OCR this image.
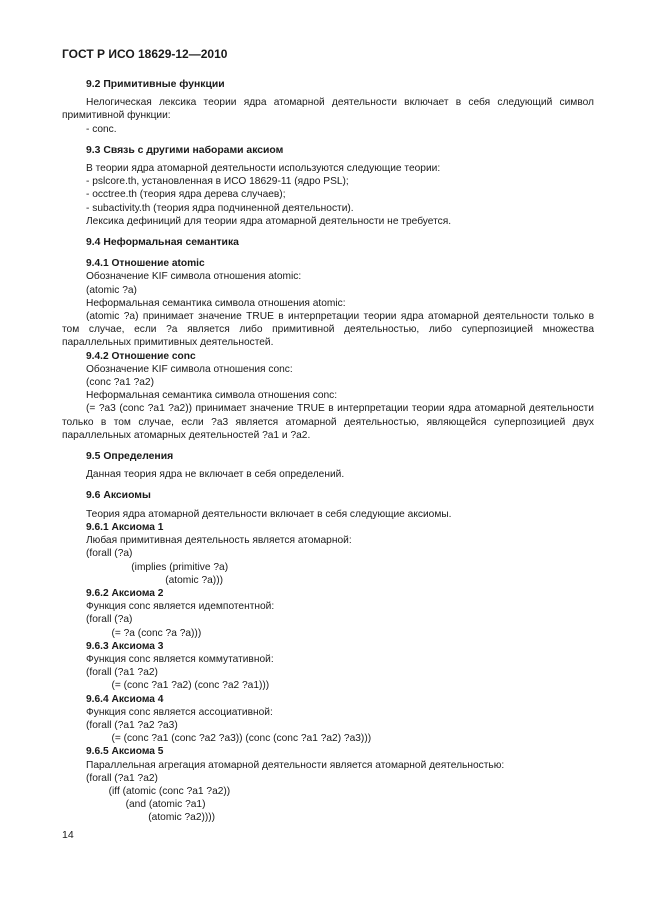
ГОСТ Р ИСО 18629-12—2010

9.2 Примитивные функции

Нелогическая лексика теории ядра атомарной деятельности включает в себя следующий символ примитивной функции:

- conc.

9.3 Связь с другими наборами аксиом

В теории ядра атомарной деятельности используются следующие теории:

- pslcore.th, установленная в ИСО 18629-11 (ядро PSL);

- occtree.th (теория ядра дерева случаев);

- subactivity.th (теория ядра подчиненной деятельности).

Лексика дефиниций для теории ядра атомарной деятельности не требуется.

9.4 Неформальная семантика

9.4.1 Отношение atomic

Обозначение KIF символа отношения atomic:

(atomic ?a)

Неформальная семантика символа отношения atomic:

(atomic ?a) принимает значение TRUE в интерпретации теории ядра атомарной деятельности только в том случае, если ?a является либо примитивной деятельностью, либо суперпозицией множества параллельных примитивных деятельностей.

9.4.2 Отношение conc

Обозначение KIF символа отношения conc:

(conc ?a1 ?a2)

Неформальная семантика символа отношения conc:

(= ?a3 (conc ?a1 ?a2)) принимает значение TRUE в интерпретации теории ядра атомарной деятельности только в том случае, если ?a3 является атомарной деятельностью, являющейся суперпозицией двух параллельных атомарных деятельностей ?a1 и ?a2.

9.5 Определения

Данная теория ядра не включает в себя определений.

9.6 Аксиомы

Теория ядра атомарной деятельности включает в себя следующие аксиомы.

9.6.1 Аксиома 1

Любая примитивная деятельность является атомарной:

(forall (?a)

(implies (primitive ?a)

(atomic ?a)))

9.6.2 Аксиома 2

Функция conc является идемпотентной:

(forall (?a)

(= ?a (conc ?a ?a)))

9.6.3 Аксиома 3

Функция conc является коммутативной:

(forall (?a1 ?a2)

(= (conc ?a1 ?a2) (conc ?a2 ?a1)))

9.6.4 Аксиома 4

Функция conc является ассоциативной:

(forall (?a1 ?a2 ?a3)

(= (conc ?a1 (conc ?a2 ?a3)) (conc (conc ?a1 ?a2) ?a3)))

9.6.5 Аксиома 5

Параллельная агрегация атомарной деятельности является атомарной деятельностью:

(forall (?a1 ?a2)

(iff (atomic (conc ?a1 ?a2))

(and (atomic ?a1)

(atomic ?a2))))

14
